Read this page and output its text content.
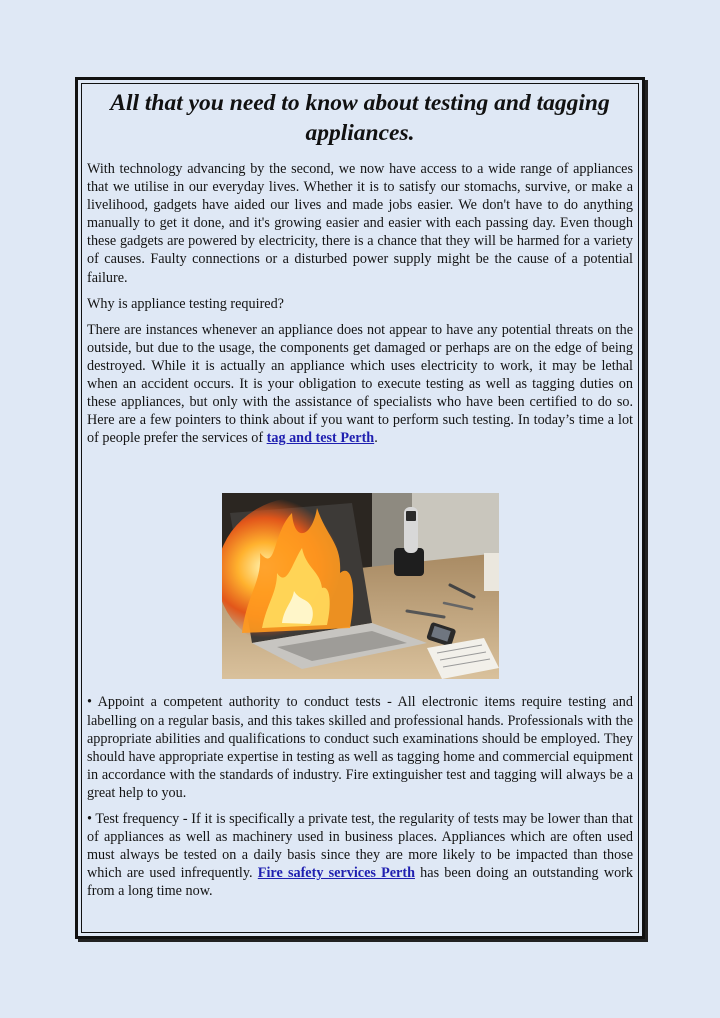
All that you need to know about testing and tagging appliances.

With technology advancing by the second, we now have access to a wide range of appliances that we utilise in our everyday lives. Whether it is to satisfy our stomachs, survive, or make a livelihood, gadgets have aided our lives and made jobs easier. We don't have to do anything manually to get it done, and it's growing easier and easier with each passing day. Even though these gadgets are powered by electricity, there is a chance that they will be harmed for a variety of causes. Faulty connections or a disturbed power supply might be the cause of a potential failure.

Why is appliance testing required?

There are instances whenever an appliance does not appear to have any potential threats on the outside, but due to the usage, the components get damaged or perhaps are on the edge of being destroyed. While it is actually an appliance which uses electricity to work, it may be lethal when an accident occurs. It is your obligation to execute testing as well as tagging duties on these appliances, but only with the assistance of specialists who have been certified to do so. Here are a few pointers to think about if you want to perform such testing. In today’s time a lot of people prefer the services of tag and test Perth.

• Appoint a competent authority to conduct tests - All electronic items require testing and labelling on a regular basis, and this takes skilled and professional hands. Professionals with the appropriate abilities and qualifications to conduct such examinations should be employed. They should have appropriate expertise in testing as well as tagging home and commercial equipment in accordance with the standards of industry. Fire extinguisher test and tagging will always be a great help to you.

• Test frequency - If it is specifically a private test, the regularity of tests may be lower than that of appliances as well as machinery used in business places. Appliances which are often used must always be tested on a daily basis since they are more likely to be impacted than those which are used infrequently. Fire safety services Perth has been doing an outstanding work from a long time now.
